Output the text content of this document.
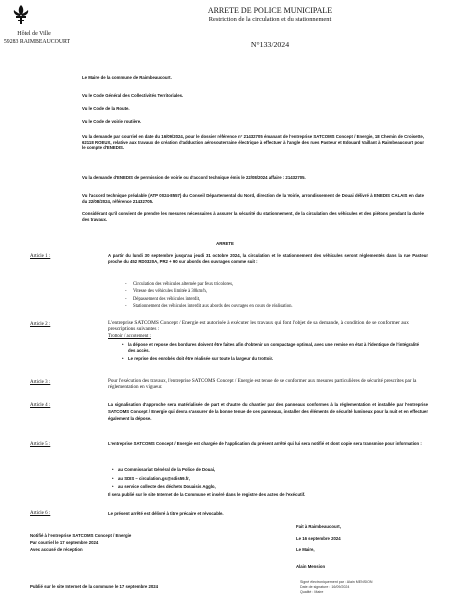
Hôtel de Ville
59283 RAIMBEAUCOURT
ARRETE DE POLICE MUNICIPALE
Restriction de la circulation et du stationnement
N°133/2024
Le Maire de la commune de Raimbeaucourt.
Vu le Code Général des Collectivités Territoriales.
Vu le Code de la Route.
Vu le Code de voirie routière.
Vu la demande par courriel en date du 16/09/2024, pour le dossier référence n° 21432705 émanant de l'entreprise SATCOMS Concept / Energie, 18 Chemin de Croisette, 62118 ROEUX, relative aux travaux de création d'adduction aérosouterraine électrique à effectuer à l'angle des rues Pasteur et Edouard Vaillant à Raimbeaucourt pour le compte d'ENEDIS.
Vu la demande d'ENEDIS de permission de voirie ou d'accord technique émis le 22/08/2024 affaire : 21432705.
Vu l'accord technique préalable (ATP 0024-8557) du Conseil Départemental du Nord, direction de la Voirie, arrondissement de Douai délivré à ENEDIS CALAIS en date du 22/08/2024, référence 21432705.
Considérant qu'il convient de prendre les mesures nécessaires à assurer la sécurité du stationnement, de la circulation des véhicules et des piétons pendant la durée des travaux.
ARRETE
Article 1 :	A partir du lundi 30 septembre jusqu'au jeudi 31 octobre 2024, la circulation et le stationnement des véhicules seront réglementés dans la rue Pasteur proche du 452 RD0320A, PR2 + 90 sur abords des ouvrages comme suit :
- Circulation des véhicules alternée par feux tricolores,
- Vitesse des véhicules limitée à 30km/h,
- Dépassement des véhicules interdit,
- Stationnement des véhicules interdit aux abords des ouvrages en cours de réalisation.
Article 2 :	L'entreprise SATCOMS Concept / Energie est autorisée à exécuter les travaux qui font l'objet de sa demande, à condition de se conformer aux prescriptions suivantes :
Trottoir / accotement :
• la dépose et repose des bordures doivent être faites afin d'obtenir un compactage optimal, avec une remise en état à l'identique de l'intégralité des accès.
• Le reprise des enrobés doit être réalisée sur toute la largeur du trottoir.
Article 3 :	Pour l'exécution des travaux, l'entreprise SATCOMS Concept / Energie est tenue de se conformer aux mesures particulières de sécurité prescrites par la réglementation en vigueur.
Article 4 :	La signalisation d'approche sera matérialisée de part et d'autre du chantier par des panneaux conformes à la réglementation et installée par l'entreprise SATCOMS Concept / Energie qui devra s'assurer de la bonne tenue de ces panneaux, installer des éléments de sécurité lumineux pour la nuit et en effectuer également la dépose.
Article 5 :	L'entreprise SATCOMS Concept / Energie est chargée de l'application du présent arrêté qui lui sera notifié et dont copie sera transmise pour information :
• au Commissariat Général de la Police de Douai,
• au SDIS – circulation.gs@sdis59.fr,
• au service collecte des déchets Douaisis Agglo,
Il sera publié sur le site Internet de la Commune et inséré dans le registre des actes de l'exécutif.
Article 6 :	Le présent arrêté est délivré à titre précaire et révocable.
Notifié à l'entreprise SATCOMS Concept / Energie
Par courriel le 17 septembre 2024
Avec accusé de réception
Fait à Raimbeaucourt,
Le 16 septembre 2024
Le Maire,
Alain Mension
Publié sur le site Internet de la commune le 17 septembre 2024
Signé électroniquement par : Alain MENSION
Date de signature : 16/09/2024
Qualité : Maire
